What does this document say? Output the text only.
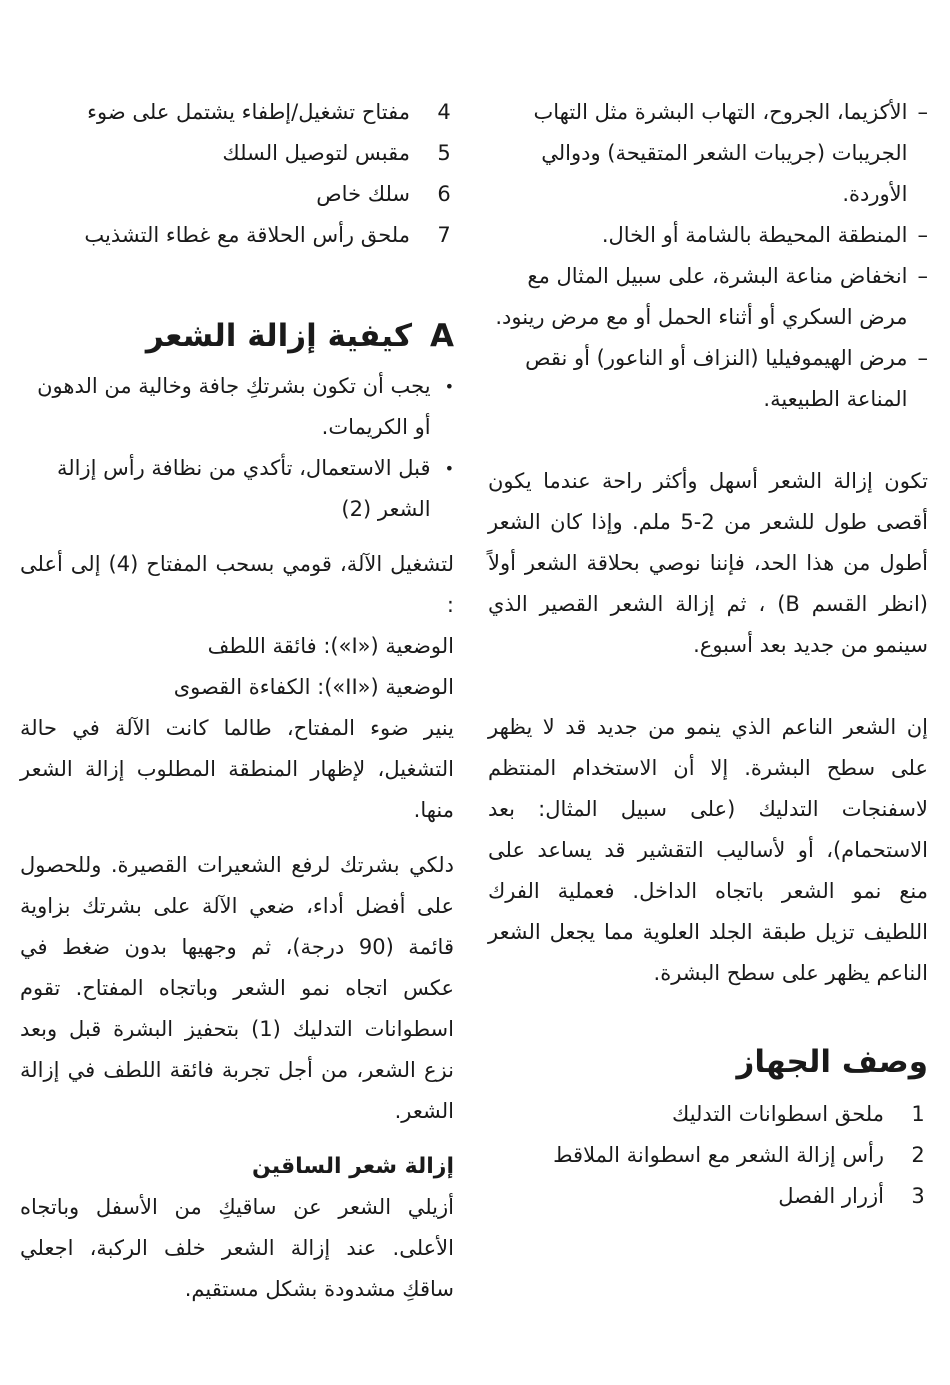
–
الأكزيما، الجروح، التهاب البشرة مثل التهاب الجريبات (جريبات الشعر المتقيحة) ودوالي الأوردة.
–
المنطقة المحيطة بالشامة أو الخال.
–
انخفاض مناعة البشرة، على سبيل المثال مع مرض السكري أو أثناء الحمل أو مع مرض رينود.
–
مرض الهيموفيليا (النزاف أو الناعور) أو نقص المناعة الطبيعية.

تكون إزالة الشعر أسهل وأكثر راحة عندما يكون أقصى طول للشعر من 2-5 ملم. وإذا كان الشعر أطول من هذا الحد، فإننا نوصي بحلاقة الشعر أولاً (انظر القسم B) ، ثم إزالة الشعر القصير الذي سينمو من جديد بعد أسبوع.

إن الشعر الناعم الذي ينمو من جديد قد لا يظهر على سطح البشرة. إلا أن الاستخدام المنتظم لاسفنجات التدليك (على سبيل المثال: بعد الاستحمام)، أو لأساليب التقشير قد يساعد على منع نمو الشعر باتجاه الداخل. فعملية الفرك اللطيف تزيل طبقة الجلد العلوية مما يجعل الشعر الناعم يظهر على سطح البشرة.

وصف الجهاز
1
ملحق اسطوانات التدليك
2
رأس إزالة الشعر مع اسطوانة الملاقط
3
أزرار الفصل
4
مفتاح تشغيل/إطفاء يشتمل على ضوء
5
مقبس لتوصيل السلك
6
سلك خاص
7
ملحق رأس الحلاقة مع غطاء التشذيب
A
كيفية إزالة الشعر
•
يجب أن تكون بشرتكِ جافة وخالية من الدهون أو الكريمات.
•
قبل الاستعمال، تأكدي من نظافة رأس إزالة الشعر (2)

لتشغيل الآلة، قومي بسحب المفتاح (4) إلى أعلى :

الوضعية («I»): فائقة اللطف
الوضعية («II»): الكفاءة القصوى

ينير ضوء المفتاح، طالما كانت الآلة في حالة التشغيل، لإظهار المنطقة المطلوب إزالة الشعر منها.

دلكي بشرتك لرفع الشعيرات القصيرة. وللحصول على أفضل أداء، ضعي الآلة على بشرتك بزاوية قائمة (90 درجة)، ثم وجهيها بدون ضغط في عكس اتجاه نمو الشعر وباتجاه المفتاح. تقوم اسطوانات التدليك (1) بتحفيز البشرة قبل وبعد نزع الشعر، من أجل تجربة فائقة اللطف في إزالة الشعر.

إزالة شعر الساقين

أزيلي الشعر عن ساقيكِ من الأسفل وباتجاه الأعلى. عند إزالة الشعر خلف الركبة، اجعلي ساقكِ مشدودة بشكل مستقيم.
